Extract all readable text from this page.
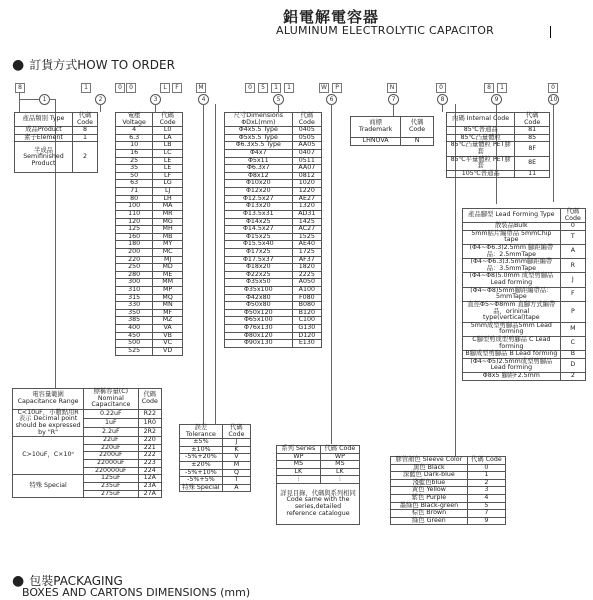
鋁電解電容器
ALUMINUM ELECTROLYTIC CAPACITOR
● 訂貨方式HOW TO ORDER
8	1	0	0	L	F	M	0	5	1	1	W	P	N	0	8	1	0
1	2	3	4	5	6	7	8	9	10
產品類別 Type	代碼 Code
成品Product	8
素子Element	1
半成品 Semifinished Product	2
電壓 Voltage	代碼 Code
4	L0
6.3	LA
10	LB
16	LC
25	LE
35	LE
50	LF
63	LG
71	LJ
80	LH
100	MA
110	MR
120	MG
125	MH
160	MB
180	MY
200	MC
220	MJ
250	MD
280	ME
300	MM
310	MP
315	MQ
330	MN
350	MF
385	MZ
400	VA
450	VB
500	VC
525	VD
尺寸Dimensions ΦDxL(mm)	代碼 Code
Φ4x5.5 Type	0405
Φ5x5.5 Type	0505
Φ6.3x5.5 Type	AA05
Φ4x7	0407
Φ5x11	0511
Φ6.3x7	AA07
Φ8x12	0812
Φ10x20	1020
Φ12x20	1220
Φ12.5x27	AE27
Φ13x20	1320
Φ13.5x31	AD31
Φ14x25	1425
Φ14.5x27	AC27
Φ15x25	1525
Φ15.5x40	AE40
Φ17x25	1725
Φ17.5x37	AF37
Φ18x20	1820
Φ22x25	2225
Φ35x50	A050
Φ35x100	A100
Φ42x80	F080
Φ50x80	B080
Φ50x120	B120
Φ65x100	C100
Φ76x130	G130
Φ80x120	D120
Φ90x130	E130
商標 Trademark	代碼 Code
LHNOVA	N
內碼 Internal Code	代碼 Code
85℃普通品	81
85℃凸量體粒	85
85℃凸量體粒 PET膠套	8F
85℃平量體粒 PET膠套	8E
105℃普通品	11
產品腳型 Lead Forming Type	代碼 Code
散裝品Bulk	0
5mm貼片編帶品 5mmChip tape	T
(Φ4~Φ6.3)2.5mm 腳距編帶品：2.5mmTape	A
(Φ4~Φ6.3)3.5mm腳距編帶品：3.5mmTape	R
(Φ4~Φ8)5.0mm 成型剪腳品Lead forming	J
(Φ4~Φ8)5mm腳距編帶品：5mmTape	F
直徑Φ5~Φ8mm 直腳方式編帶品，orininal type(vertical)tape	P
5mm成型剪腳品5mm Lead forming	M
C腳型剪成型剪腳品 C Lead forming	C
B腳成型剪腳品 B Lead forming	B
(Φ4~Φ5)2.5mm成型剪腳品Lead forming	D
Φ8x5 腳距F2.5mm	2
電容量範圍 Capacitance Range	標稱容量(C) Nominal Capacitance	代碼 Code
C<10uF，小數點用R表示 Decimal point should be expressed by "R"	0.22uF	R22
	1uF	1R0
	2.2uF	2R2
C>10uF，C×10ⁿ	22uF	220
	220uF	221
	2200uF	222
	22000uF	223
	220000uF	224
特殊 Special	125uF	12A
	235uF	23A
	275uF	27A
誤差 Tolerance	代碼 Code
±5%	J
±10%	K
-5%+20%	V
±20%	M
-5%+10%	Q
-5%+5%	T
特殊 Special	A
系列 Series	代碼 Code
WP	WP
MS	MS
LK	LK
⋮	⋮
詳見目錄，代碼與系列相同 Code same with the series,detailed reference catalogue	
膠管顏色 Sleeve Color	代碼 Code
黑色 Black	0
深藍色 Dark-blue	1
淺藍色blue	2
黃色 Yellow	3
紫色 Purple	4
墨綠色 Black-green	5
棕色 Brown	7
綠色 Green	9
● 包裝PACKAGING
BOXES AND CARTONS DIMENSIONS (mm)
